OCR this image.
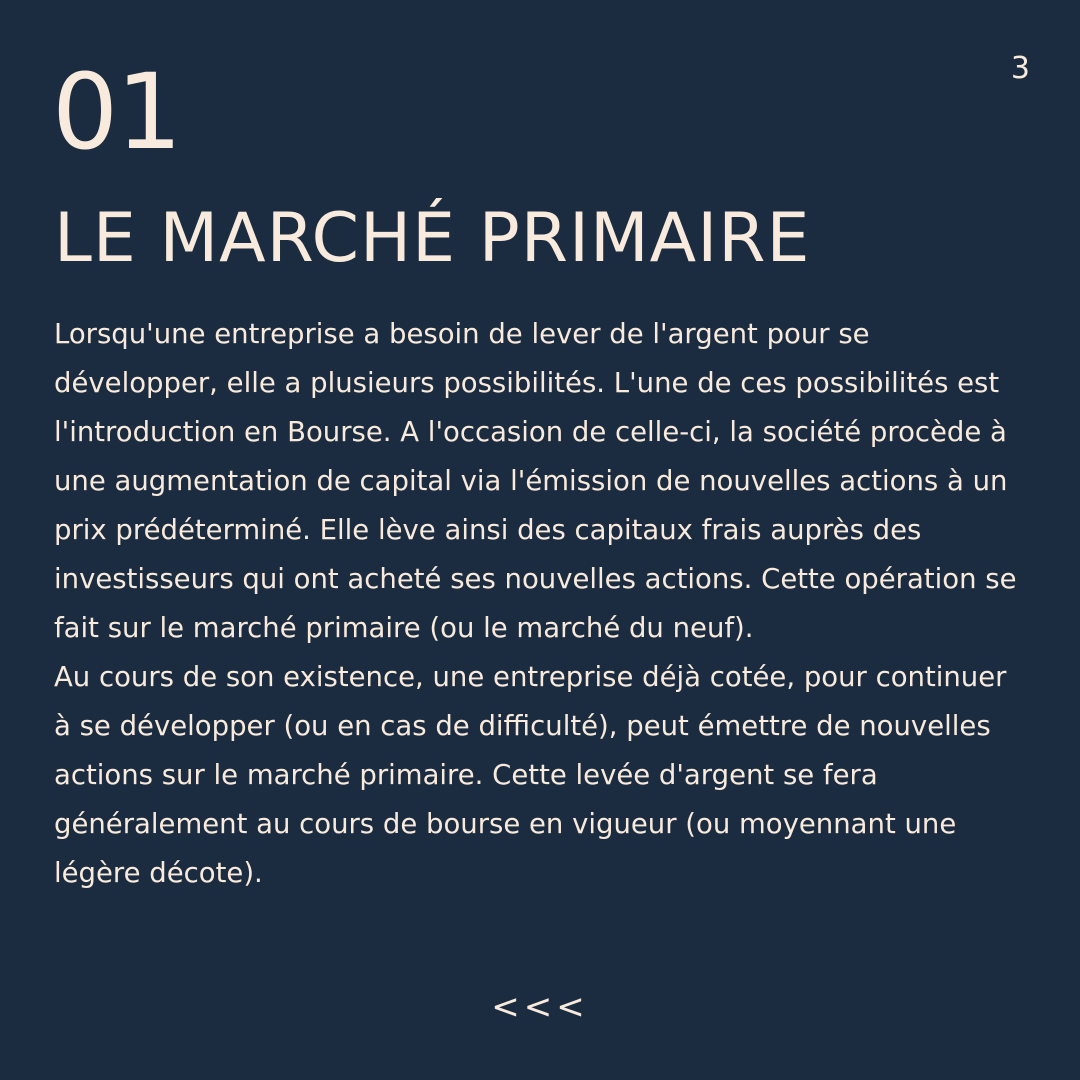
3
01
LE MARCHÉ PRIMAIRE

Lorsqu'une entreprise a besoin de lever de l'argent pour se développer, elle a plusieurs possibilités. L'une de ces possibilités est l'introduction en Bourse. A l'occasion de celle-ci, la société procède à une augmentation de capital via l'émission de nouvelles actions à un prix prédéterminé. Elle lève ainsi des capitaux frais auprès des investisseurs qui ont acheté ses nouvelles actions. Cette opération se fait sur le marché primaire (ou le marché du neuf).

Au cours de son existence, une entreprise déjà cotée, pour continuer à se développer (ou en cas de difficulté), peut émettre de nouvelles actions sur le marché primaire. Cette levée d'argent se fera généralement au cours de bourse en vigueur (ou moyennant une légère décote).

<<<
